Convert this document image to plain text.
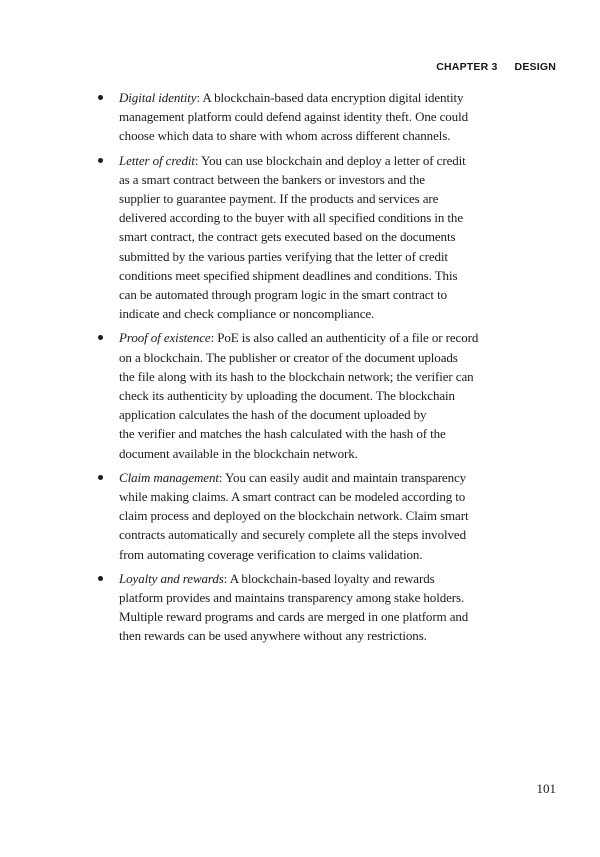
CHAPTER 3 DESIGN
Digital identity: A blockchain-based data encryption digital identity
management platform could defend against identity theft. One could
choose which data to share with whom across different channels.
Letter of credit: You can use blockchain and deploy a letter of credit
as a smart contract between the bankers or investors and the
supplier to guarantee payment. If the products and services are
delivered according to the buyer with all specified conditions in the
smart contract, the contract gets executed based on the documents
submitted by the various parties verifying that the letter of credit
conditions meet specified shipment deadlines and conditions. This
can be automated through program logic in the smart contract to
indicate and check compliance or noncompliance.
Proof of existence: PoE is also called an authenticity of a file or record
on a blockchain. The publisher or creator of the document uploads
the file along with its hash to the blockchain network; the verifier can
check its authenticity by uploading the document. The blockchain
application calculates the hash of the document uploaded by
the verifier and matches the hash calculated with the hash of the
document available in the blockchain network.
Claim management: You can easily audit and maintain transparency
while making claims. A smart contract can be modeled according to
claim process and deployed on the blockchain network. Claim smart
contracts automatically and securely complete all the steps involved
from automating coverage verification to claims validation.
Loyalty and rewards: A blockchain-based loyalty and rewards
platform provides and maintains transparency among stake holders.
Multiple reward programs and cards are merged in one platform and
then rewards can be used anywhere without any restrictions.
101
